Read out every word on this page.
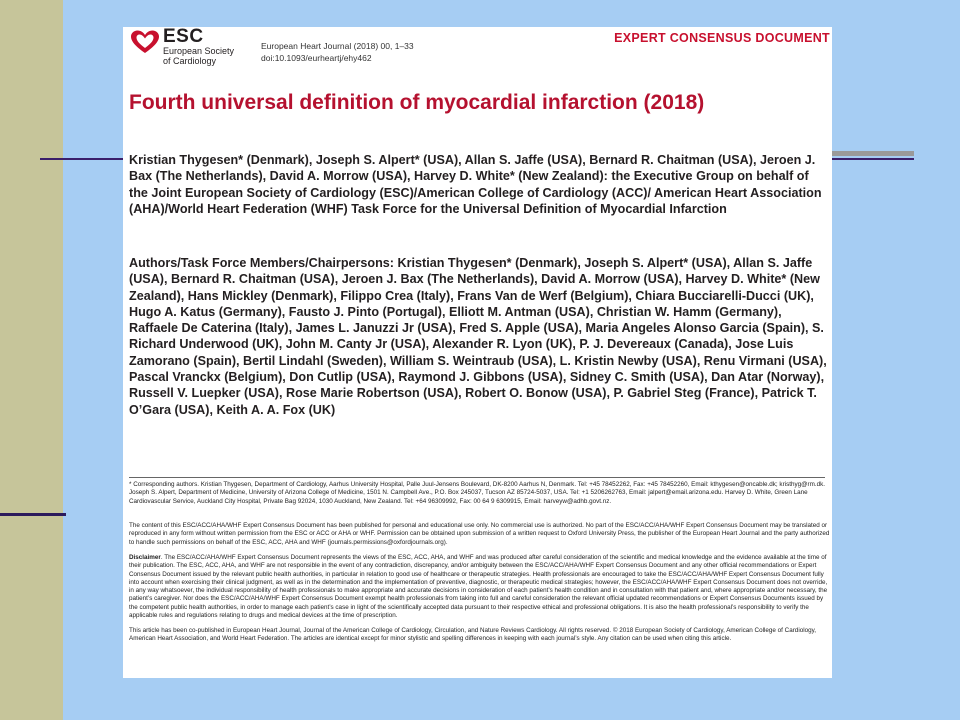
ESC
European Society
of Cardiology
European Heart Journal (2018) 00, 1–33
doi:10.1093/eurheartj/ehy462
EXPERT CONSENSUS DOCUMENT
Fourth universal definition of myocardial infarction (2018)
Kristian Thygesen* (Denmark), Joseph S. Alpert* (USA), Allan S. Jaffe (USA), Bernard R. Chaitman (USA), Jeroen J. Bax (The Netherlands), David A. Morrow (USA), Harvey D. White* (New Zealand): the Executive Group on behalf of the Joint European Society of Cardiology (ESC)/American College of Cardiology (ACC)/ American Heart Association (AHA)/World Heart Federation (WHF) Task Force for the Universal Definition of Myocardial Infarction
Authors/Task Force Members/Chairpersons: Kristian Thygesen* (Denmark), Joseph S. Alpert* (USA), Allan S. Jaffe (USA), Bernard R. Chaitman (USA), Jeroen J. Bax (The Netherlands), David A. Morrow (USA), Harvey D. White* (New Zealand), Hans Mickley (Denmark), Filippo Crea (Italy), Frans Van de Werf (Belgium), Chiara Bucciarelli-Ducci (UK), Hugo A. Katus (Germany), Fausto J. Pinto (Portugal), Elliott M. Antman (USA), Christian W. Hamm (Germany), Raffaele De Caterina (Italy), James L. Januzzi Jr (USA), Fred S. Apple (USA), Maria Angeles Alonso Garcia (Spain), S. Richard Underwood (UK), John M. Canty Jr (USA), Alexander R. Lyon (UK), P. J. Devereaux (Canada), Jose Luis Zamorano (Spain), Bertil Lindahl (Sweden), William S. Weintraub (USA), L. Kristin Newby (USA), Renu Virmani (USA), Pascal Vranckx (Belgium), Don Cutlip (USA), Raymond J. Gibbons (USA), Sidney C. Smith (USA), Dan Atar (Norway), Russell V. Luepker (USA), Rose Marie Robertson (USA), Robert O. Bonow (USA), P. Gabriel Steg (France), Patrick T. O’Gara (USA), Keith A. A. Fox (UK)

* Corresponding authors. Kristian Thygesen, Department of Cardiology, Aarhus University Hospital, Palle Juul-Jensens Boulevard, DK-8200 Aarhus N, Denmark. Tel: +45 78452262, Fax: +45 78452260, Email: kthygesen@oncable.dk; kristhyg@rm.dk. Joseph S. Alpert, Department of Medicine, University of Arizona College of Medicine, 1501 N. Campbell Ave., P.O. Box 245037, Tucson AZ 85724-5037, USA. Tel: +1 5206262763, Email: jalpert@email.arizona.edu. Harvey D. White, Green Lane Cardiovascular Service, Auckland City Hospital, Private Bag 92024, 1030 Auckland, New Zealand. Tel: +64 96309992, Fax: 00 64 9 6309915, Email: harveyw@adhb.govt.nz.

The content of this ESC/ACC/AHA/WHF Expert Consensus Document has been published for personal and educational use only. No commercial use is authorized. No part of the ESC/ACC/AHA/WHF Expert Consensus Document may be translated or reproduced in any form without written permission from the ESC or ACC or AHA or WHF. Permission can be obtained upon submission of a written request to Oxford University Press, the publisher of the European Heart Journal and the party authorized to handle such permissions on behalf of the ESC, ACC, AHA and WHF (journals.permissions@oxfordjournals.org).

Disclaimer. The ESC/ACC/AHA/WHF Expert Consensus Document represents the views of the ESC, ACC, AHA, and WHF and was produced after careful consideration of the scientific and medical knowledge and the evidence available at the time of their publication. The ESC, ACC, AHA, and WHF are not responsible in the event of any contradiction, discrepancy, and/or ambiguity between the ESC/ACC/AHA/WHF Expert Consensus Document and any other official recommendations or Expert Consensus Document issued by the relevant public health authorities, in particular in relation to good use of healthcare or therapeutic strategies. Health professionals are encouraged to take the ESC/ACC/AHA/WHF Expert Consensus Document fully into account when exercising their clinical judgment, as well as in the determination and the implementation of preventive, diagnostic, or therapeutic medical strategies; however, the ESC/ACC/AHA/WHF Expert Consensus Document does not override, in any way whatsoever, the individual responsibility of health professionals to make appropriate and accurate decisions in consideration of each patient’s health condition and in consultation with that patient and, where appropriate and/or necessary, the patient’s caregiver. Nor does the ESC/ACC/AHA/WHF Expert Consensus Document exempt health professionals from taking into full and careful consideration the relevant official updated recommendations or Expert Consensus Documents issued by the competent public health authorities, in order to manage each patient’s case in light of the scientifically accepted data pursuant to their respective ethical and professional obligations. It is also the health professional’s responsibility to verify the applicable rules and regulations relating to drugs and medical devices at the time of prescription.

This article has been co-published in European Heart Journal, Journal of the American College of Cardiology, Circulation, and Nature Reviews Cardiology. All rights reserved. © 2018 European Society of Cardiology, American College of Cardiology, American Heart Association, and World Heart Federation. The articles are identical except for minor stylistic and spelling differences in keeping with each journal’s style. Any citation can be used when citing this article.
